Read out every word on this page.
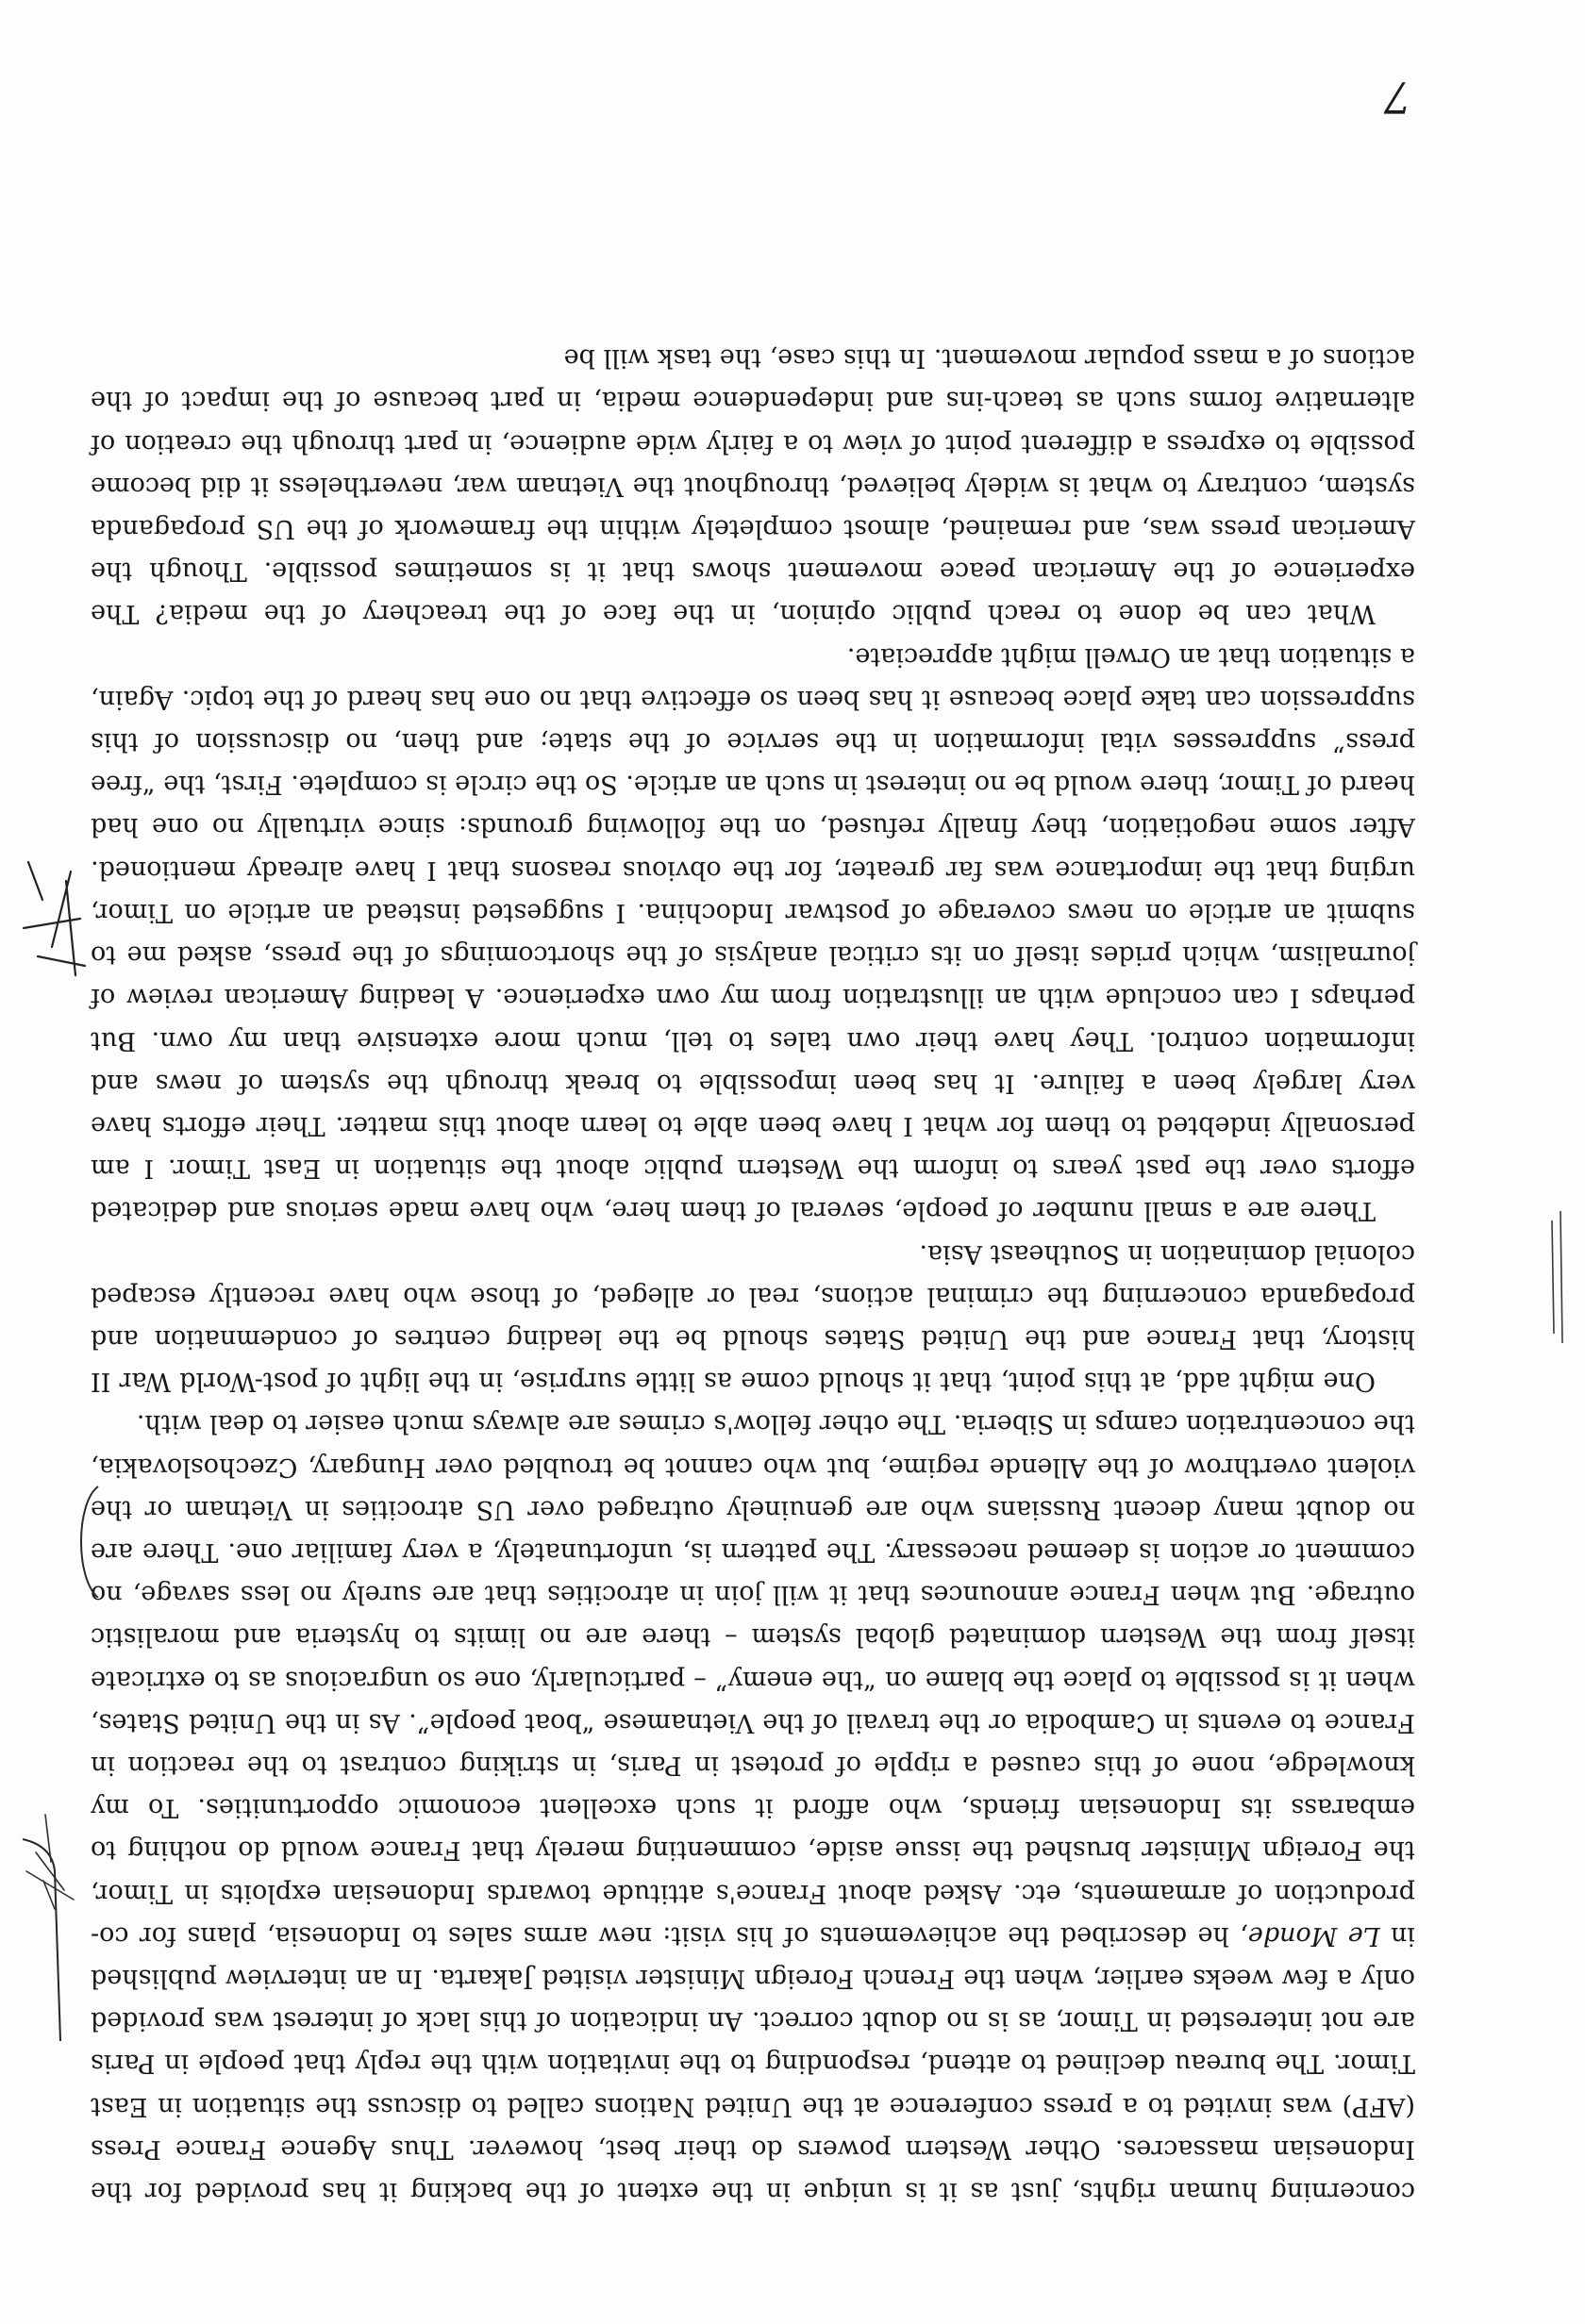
concerning human rights, just as it is unique in the extent of the backing it has provided for the Indonesian massacres. Other Western powers do their best, however. Thus Agence France Press (AFP) was invited to a press conference at the United Nations called to discuss the situation in East Timor. The bureau declined to attend, responding to the invitation with the reply that people in Paris are not interested in Timor, as is no doubt correct. An indication of this lack of interest was provided only a few weeks earlier, when the French Foreign Minister visited Jakarta. In an interview published in Le Monde, he described the achievements of his visit: new arms sales to Indonesia, plans for co-production of armaments, etc. Asked about France's attitude towards Indonesian exploits in Timor, the Foreign Minister brushed the issue aside, commenting merely that France would do nothing to embarass its Indonesian friends, who afford it such excellent economic opportunities. To my knowledge, none of this caused a ripple of protest in Paris, in striking contrast to the reaction in France to events in Cambodia or the travail of the Vietnamese “boat people”. As in the United States, when it is possible to place the blame on “the enemy” – particularly, one so ungracious as to extricate itself from the Western dominated global system – there are no limits to hysteria and moralistic outrage. But when France announces that it will join in atrocities that are surely no less savage, no comment or action is deemed necessary. The pattern is, unfortunately, a very familiar one. There are no doubt many decent Russians who are genuinely outraged over US atrocities in Vietnam or the violent overthrow of the Allende regime, but who cannot be troubled over Hungary, Czechoslovakia, the concentration camps in Siberia. The other fellow's crimes are always much easier to deal with.

One might add, at this point, that it should come as little surprise, in the light of post-World War II history, that France and the United States should be the leading centres of condemnation and propaganda concerning the criminal actions, real or alleged, of those who have recently escaped colonial domination in Southeast Asia.

There are a small number of people, several of them here, who have made serious and dedicated efforts over the past years to inform the Western public about the situation in East Timor. I am personally indebted to them for what I have been able to learn about this matter. Their efforts have very largely been a failure. It has been impossible to break through the system of news and information control. They have their own tales to tell, much more extensive than my own. But perhaps I can conclude with an illustration from my own experience. A leading American review of journalism, which prides itself on its critical analysis of the shortcomings of the press, asked me to submit an article on news coverage of postwar Indochina. I suggested instead an article on Timor, urging that the importance was far greater, for the obvious reasons that I have already mentioned. After some negotiation, they finally refused, on the following grounds: since virtually no one had heard of Timor, there would be no interest in such an article. So the circle is complete. First, the “free press” suppresses vital information in the service of the state; and then, no discussion of this suppression can take place because it has been so effective that no one has heard of the topic. Again, a situation that an Orwell might appreciate.

What can be done to reach public opinion, in the face of the treachery of the media? The experience of the American peace movement shows that it is sometimes possible. Though the American press was, and remained, almost completely within the framework of the US propaganda system, contrary to what is widely believed, throughout the Vietnam war, nevertheless it did become possible to express a different point of view to a fairly wide audience, in part through the creation of alternative forms such as teach-ins and independence media, in part because of the impact of the actions of a mass popular movement. In this case, the task will be

7
